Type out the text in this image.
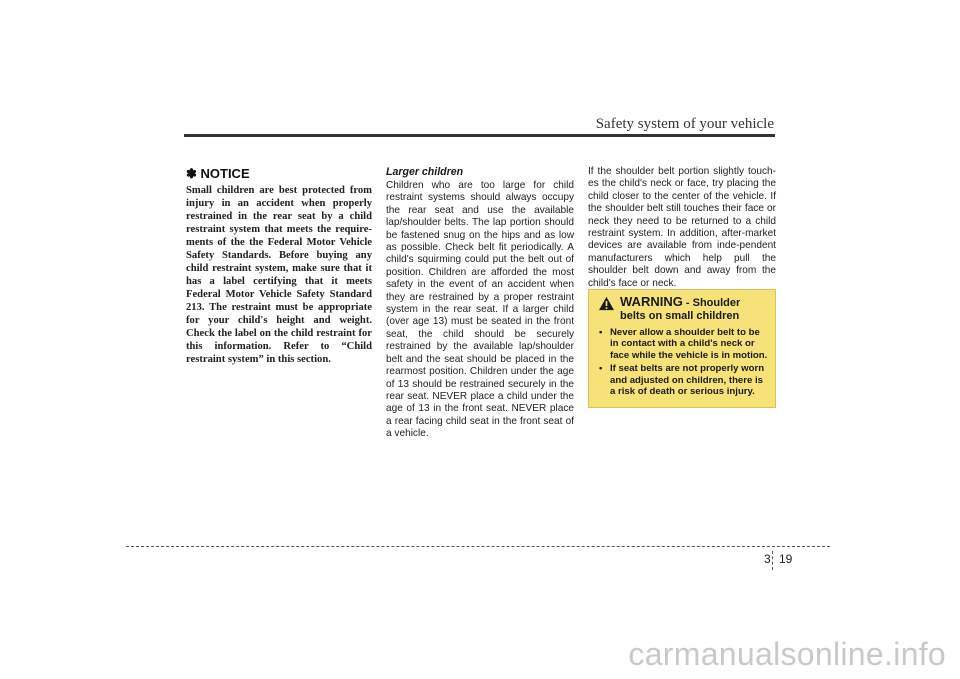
Safety system of your vehicle

✽ NOTICE

Small children are best protected from injury in an accident when properly restrained in the rear seat by a child restraint system that meets the require-ments of the the Federal Motor Vehicle Safety Standards. Before buying any child restraint system, make sure that it has a label certifying that it meets Federal Motor Vehicle Safety Standard 213. The restraint must be appropriate for your child's height and weight. Check the label on the child restraint for this information. Refer to “Child restraint system” in this section.

Larger children

Children who are too large for child restraint systems should always occupy the rear seat and use the available lap/shoulder belts. The lap portion should be fastened snug on the hips and as low as possible. Check belt fit periodically. A child's squirming could put the belt out of position. Children are afforded the most safety in the event of an accident when they are restrained by a proper restraint system in the rear seat. If a larger child (over age 13) must be seated in the front seat, the child should be securely restrained by the available lap/shoulder belt and the seat should be placed in the rearmost position. Children under the age of 13 should be restrained securely in the rear seat. NEVER place a child under the age of 13 in the front seat. NEVER place a rear facing child seat in the front seat of a vehicle.

If the shoulder belt portion slightly touch-es the child's neck or face, try placing the child closer to the center of the vehicle. If the shoulder belt still touches their face or neck they need to be returned to a child restraint system. In addition, after-market devices are available from inde-pendent manufacturers which help pull the shoulder belt down and away from the child's face or neck.

WARNING - Shoulder belts on small children
• Never allow a shoulder belt to be in contact with a child's neck or face while the vehicle is in motion.
• If seat belts are not properly worn and adjusted on children, there is a risk of death or serious injury.
3 19
carmanualsonline.info
